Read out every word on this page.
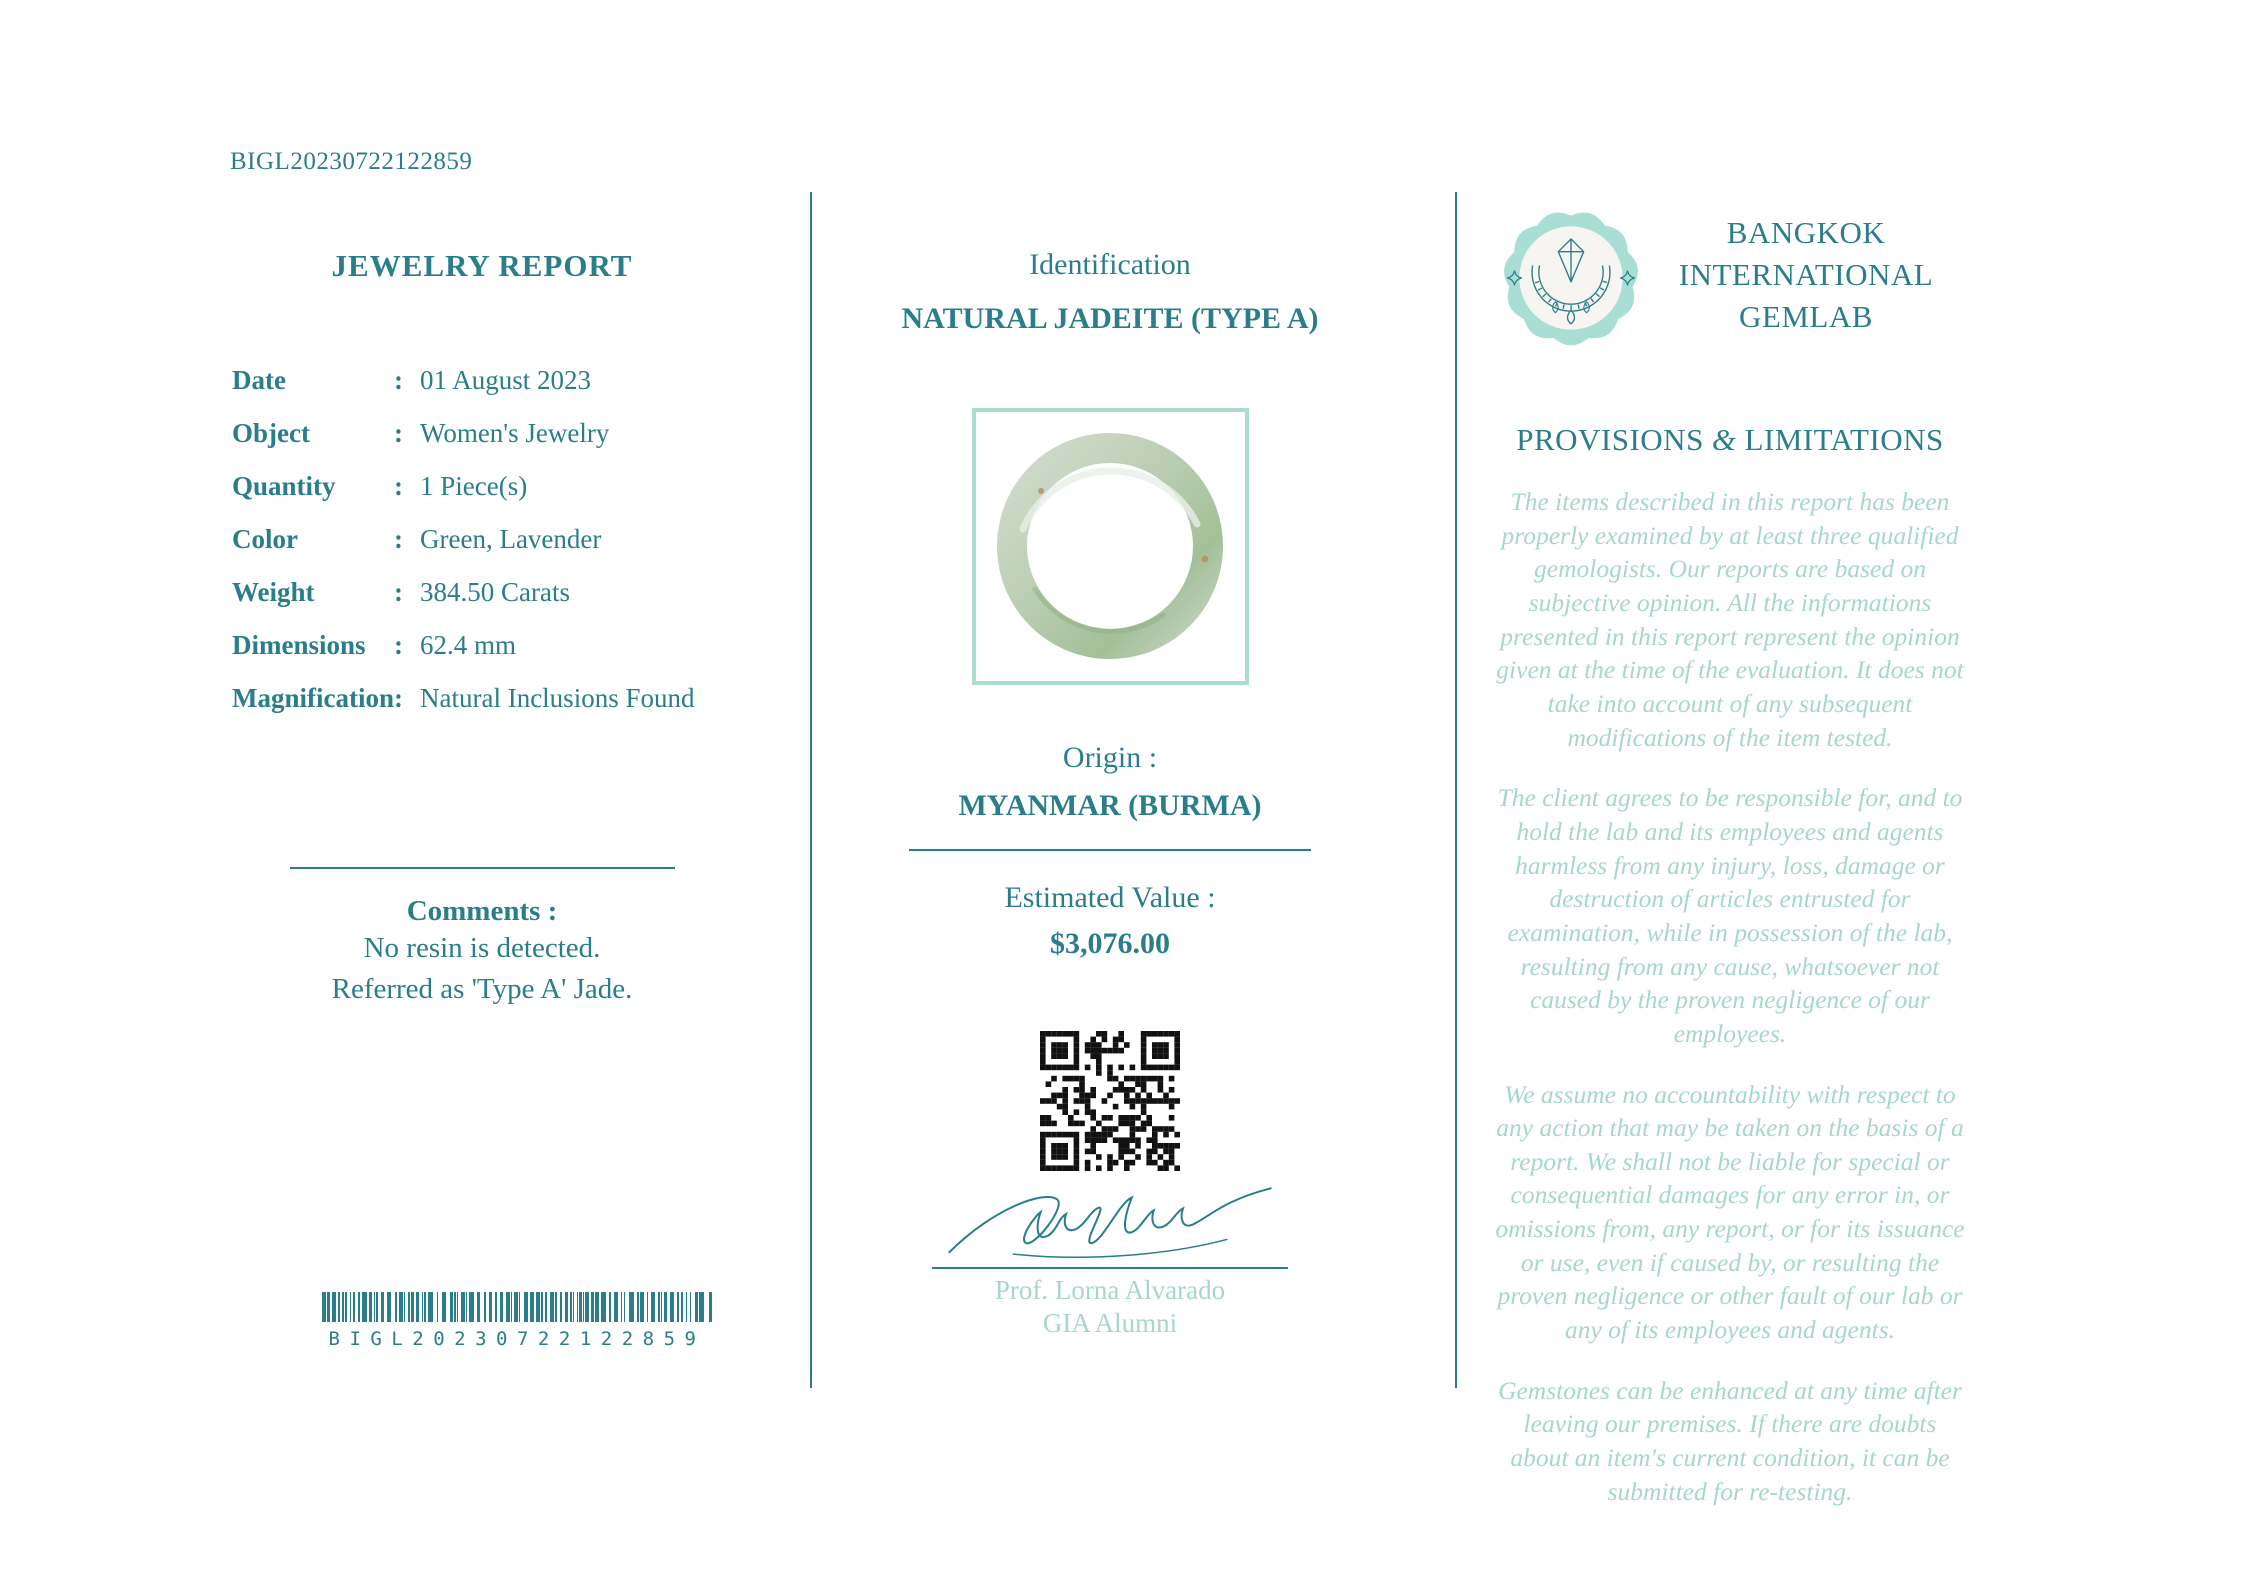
BIGL20230722122859
JEWELRY REPORT
Date	: 01 August 2023
Object	: Women's Jewelry
Quantity	: 1 Piece(s)
Color	: Green, Lavender
Weight	: 384.50 Carats
Dimensions	: 62.4 mm
Magnification : Natural Inclusions Found
Comments :
No resin is detected.
Referred as 'Type A' Jade.
BIGL20230722122859
Identification
NATURAL JADEITE (TYPE A)
Origin :
MYANMAR (BURMA)
Estimated Value :
$3,076.00
Prof. Lorna Alvarado
GIA Alumni
BANGKOK
INTERNATIONAL
GEMLAB
PROVISIONS & LIMITATIONS
The items described in this report has been properly examined by at least three qualified gemologists. Our reports are based on subjective opinion. All the informations presented in this report represent the opinion given at the time of the evaluation. It does not take into account of any subsequent modifications of the item tested.
The client agrees to be responsible for, and to hold the lab and its employees and agents harmless from any injury, loss, damage or destruction of articles entrusted for examination, while in possession of the lab, resulting from any cause, whatsoever not caused by the proven negligence of our employees.
We assume no accountability with respect to any action that may be taken on the basis of a report. We shall not be liable for special or consequential damages for any error in, or omissions from, any report, or for its issuance or use, even if caused by, or resulting the proven negligence or other fault of our lab or any of its employees and agents.
Gemstones can be enhanced at any time after leaving our premises. If there are doubts about an item's current condition, it can be submitted for re-testing.
